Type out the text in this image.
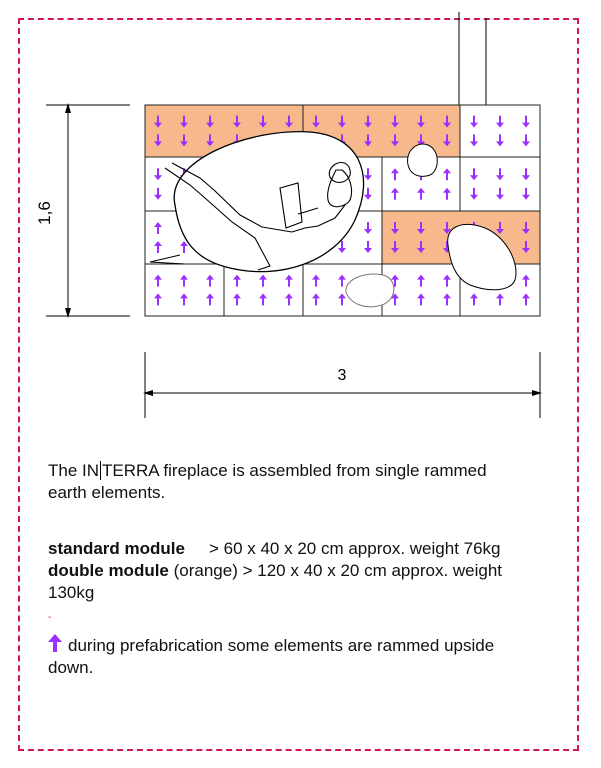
1,6
3
The IN TERRA fireplace is assembled from single rammed
earth elements.
standard module > 60 x 40 x 20 cm approx. weight 76kg
double module (orange) > 120 x 40 x 20 cm approx. weight
130kg
-
during prefabrication some elements are rammed upside
down.
